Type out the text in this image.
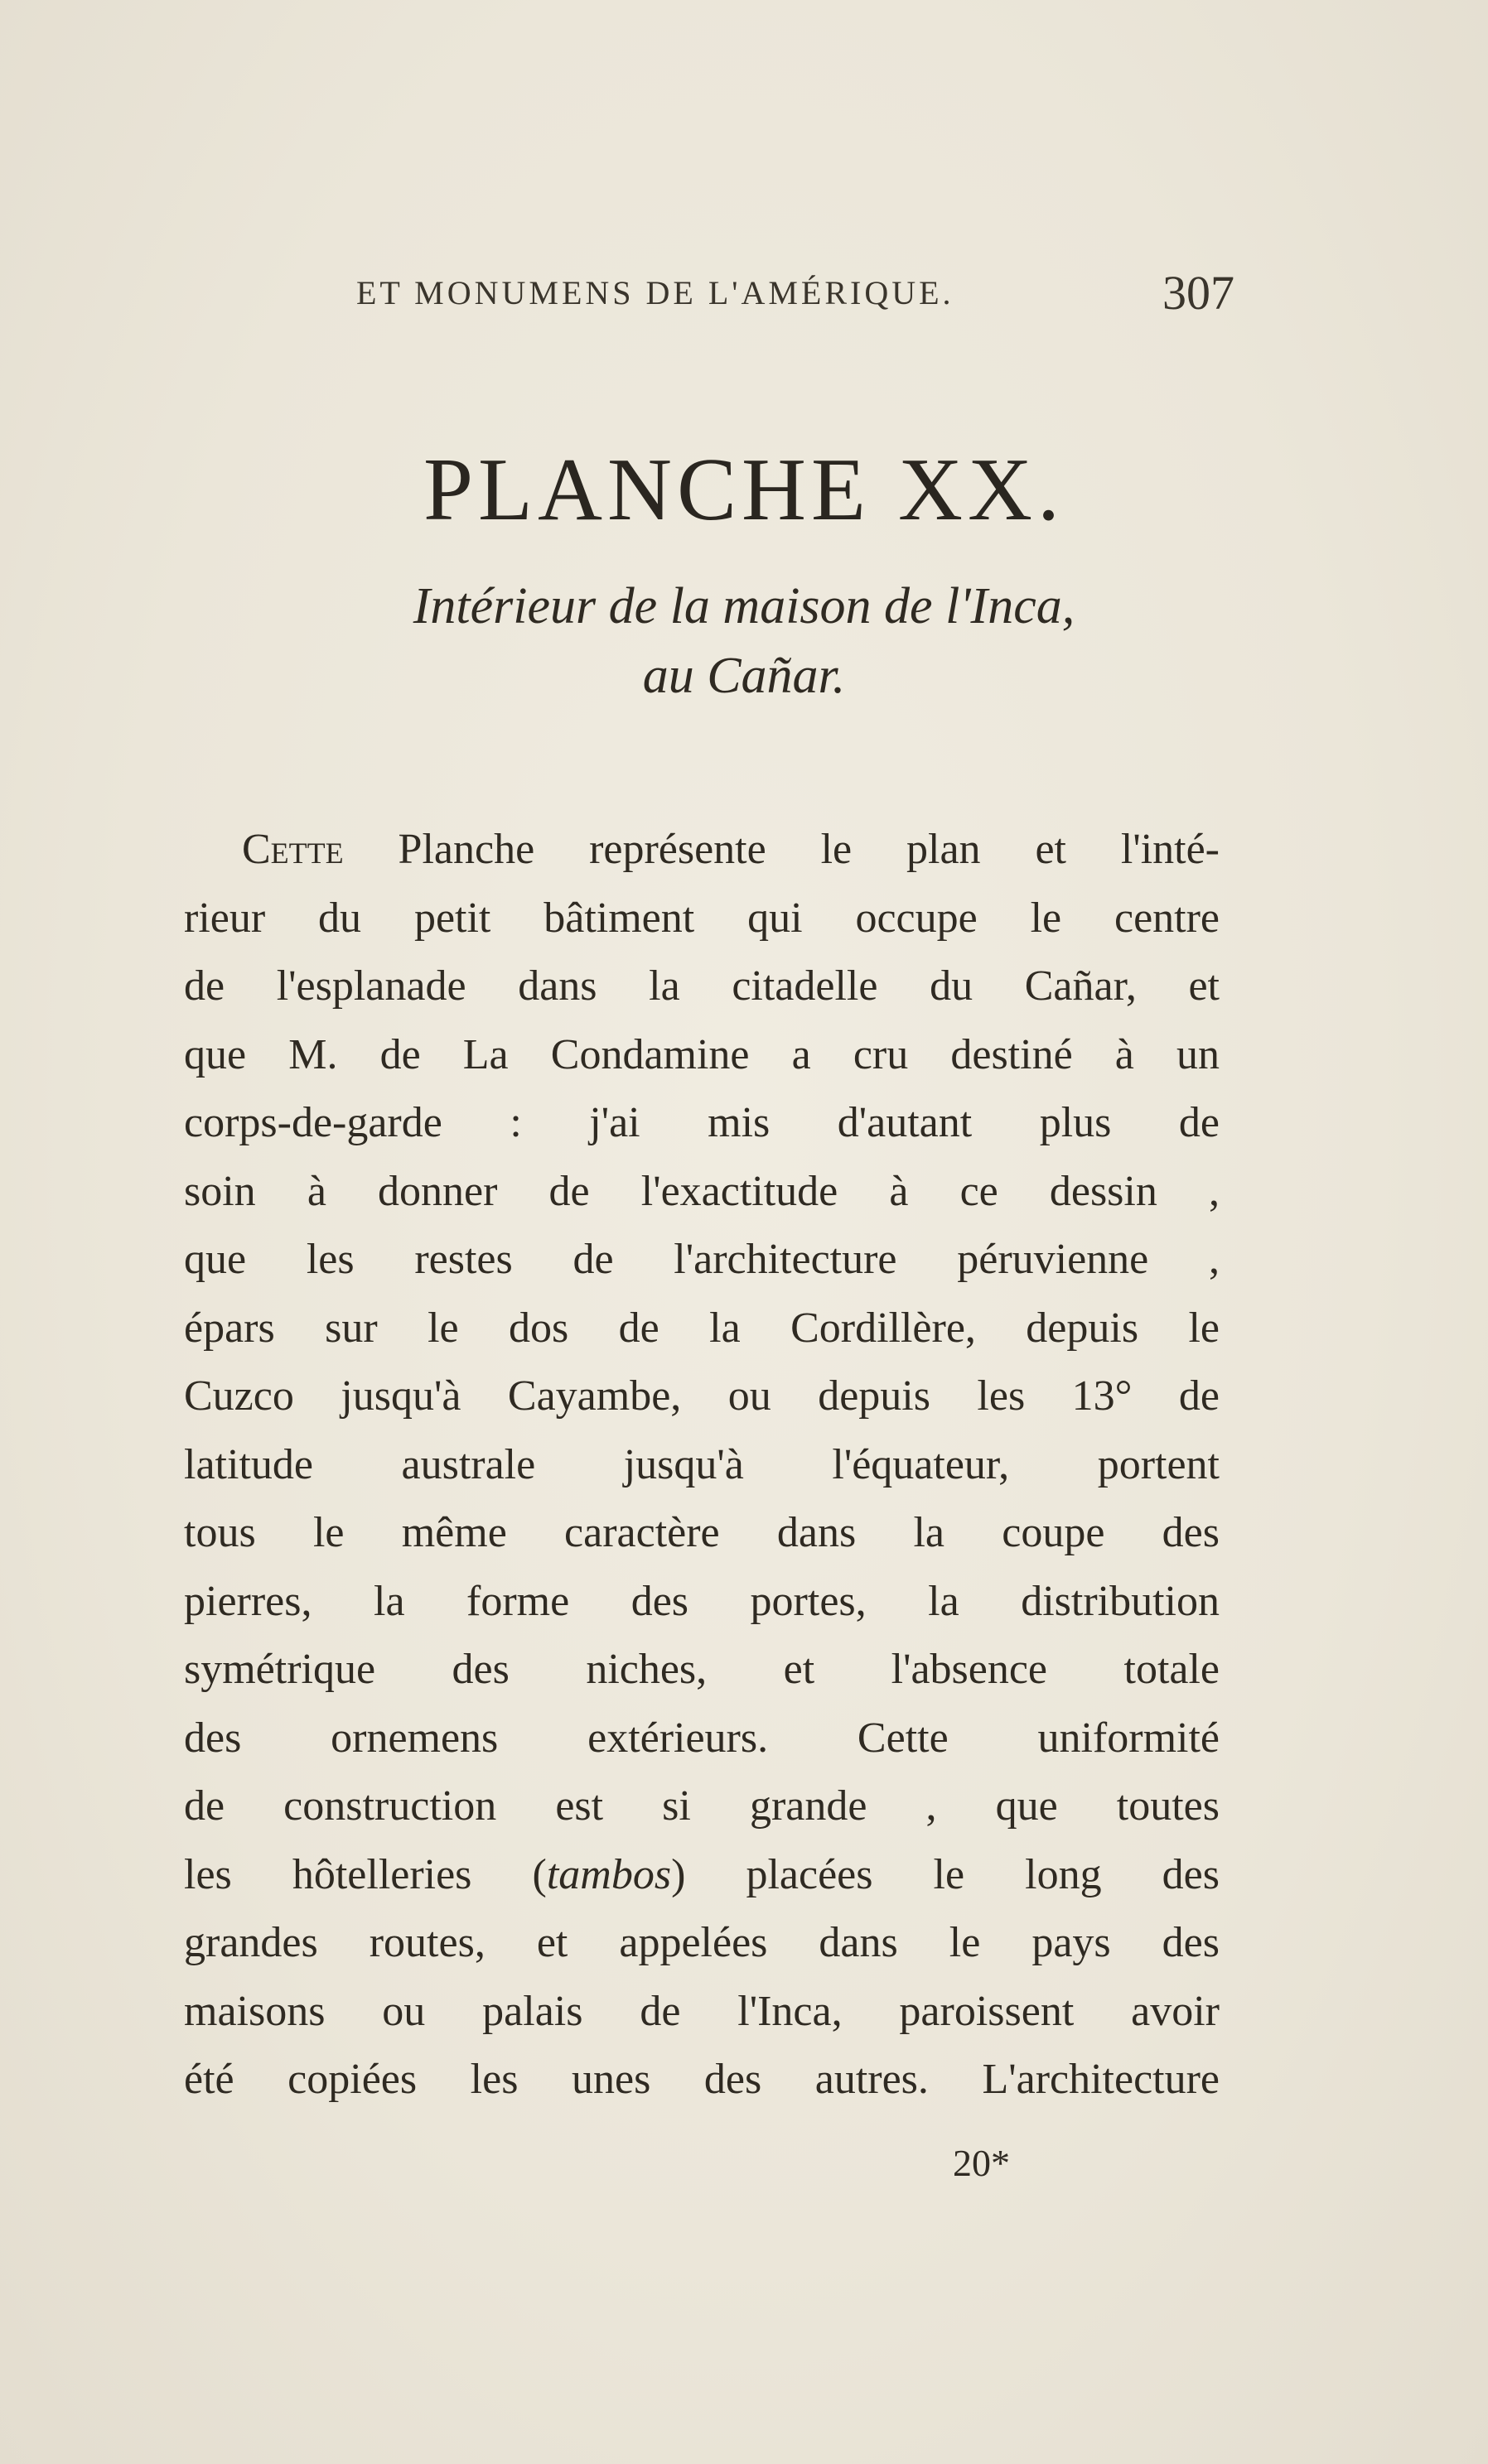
ET MONUMENS DE L'AMÉRIQUE.	307
PLANCHE XX.
Intérieur de la maison de l'Inca,
au Cañar.
Cette Planche représente le plan et l'inté-
rieur du petit bâtiment qui occupe le centre
de l'esplanade dans la citadelle du Cañar, et
que M. de La Condamine a cru destiné à un
corps-de-garde : j'ai mis d'autant plus de
soin à donner de l'exactitude à ce dessin ,
que les restes de l'architecture péruvienne ,
épars sur le dos de la Cordillère, depuis le
Cuzco jusqu'à Cayambe, ou depuis les 13° de
latitude australe jusqu'à l'équateur, portent
tous le même caractère dans la coupe des
pierres, la forme des portes, la distribution
symétrique des niches, et l'absence totale
des ornemens extérieurs. Cette uniformité
de construction est si grande , que toutes
les hôtelleries (tambos) placées le long des
grandes routes, et appelées dans le pays des
maisons ou palais de l'Inca, paroissent avoir
été copiées les unes des autres. L'architecture
20*
